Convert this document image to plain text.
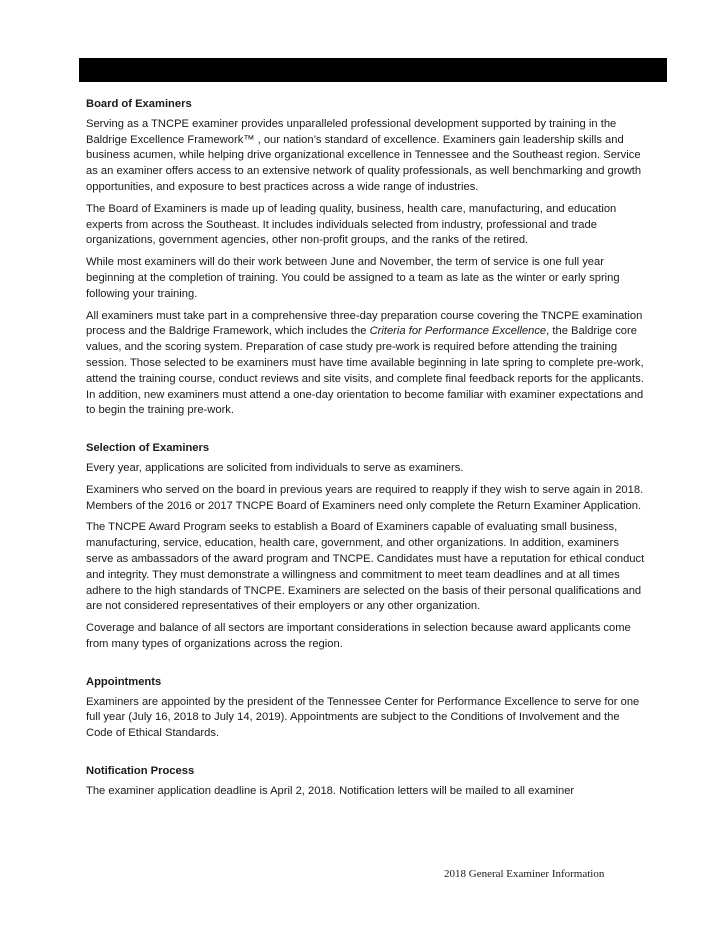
Board of Examiners

Serving as a TNCPE examiner provides unparalleled professional development supported by training in the Baldrige Excellence Framework™ , our nation’s standard of excellence. Examiners gain leadership skills and business acumen, while helping drive organizational excellence in Tennessee and the Southeast region. Service as an examiner offers access to an extensive network of quality professionals, as well benchmarking and growth opportunities, and exposure to best practices across a wide range of industries.

The Board of Examiners is made up of leading quality, business, health care, manufacturing, and education experts from across the Southeast. It includes individuals selected from industry, professional and trade organizations, government agencies, other non-profit groups, and the ranks of the retired.

While most examiners will do their work between June and November, the term of service is one full year beginning at the completion of training. You could be assigned to a team as late as the winter or early spring following your training.

All examiners must take part in a comprehensive three-day preparation course covering the TNCPE examination process and the Baldrige Framework, which includes the Criteria for Performance Excellence, the Baldrige core values, and the scoring system. Preparation of case study pre-work is required before attending the training session. Those selected to be examiners must have time available beginning in late spring to complete pre-work, attend the training course, conduct reviews and site visits, and complete final feedback reports for the applicants. In addition, new examiners must attend a one-day orientation to become familiar with examiner expectations and to begin the training pre-work.

Selection of Examiners

Every year, applications are solicited from individuals to serve as examiners.

Examiners who served on the board in previous years are required to reapply if they wish to serve again in 2018. Members of the 2016 or 2017 TNCPE Board of Examiners need only complete the Return Examiner Application.

The TNCPE Award Program seeks to establish a Board of Examiners capable of evaluating small business, manufacturing, service, education, health care, government, and other organizations. In addition, examiners serve as ambassadors of the award program and TNCPE. Candidates must have a reputation for ethical conduct and integrity. They must demonstrate a willingness and commitment to meet team deadlines and at all times adhere to the high standards of TNCPE. Examiners are selected on the basis of their personal qualifications and are not considered representatives of their employers or any other organization.

Coverage and balance of all sectors are important considerations in selection because award applicants come from many types of organizations across the region.

Appointments

Examiners are appointed by the president of the Tennessee Center for Performance Excellence to serve for one full year (July 16, 2018 to July 14, 2019). Appointments are subject to the Conditions of Involvement and the Code of Ethical Standards.

Notification Process

The examiner application deadline is April 2, 2018. Notification letters will be mailed to all examiner

2018 General Examiner Information
